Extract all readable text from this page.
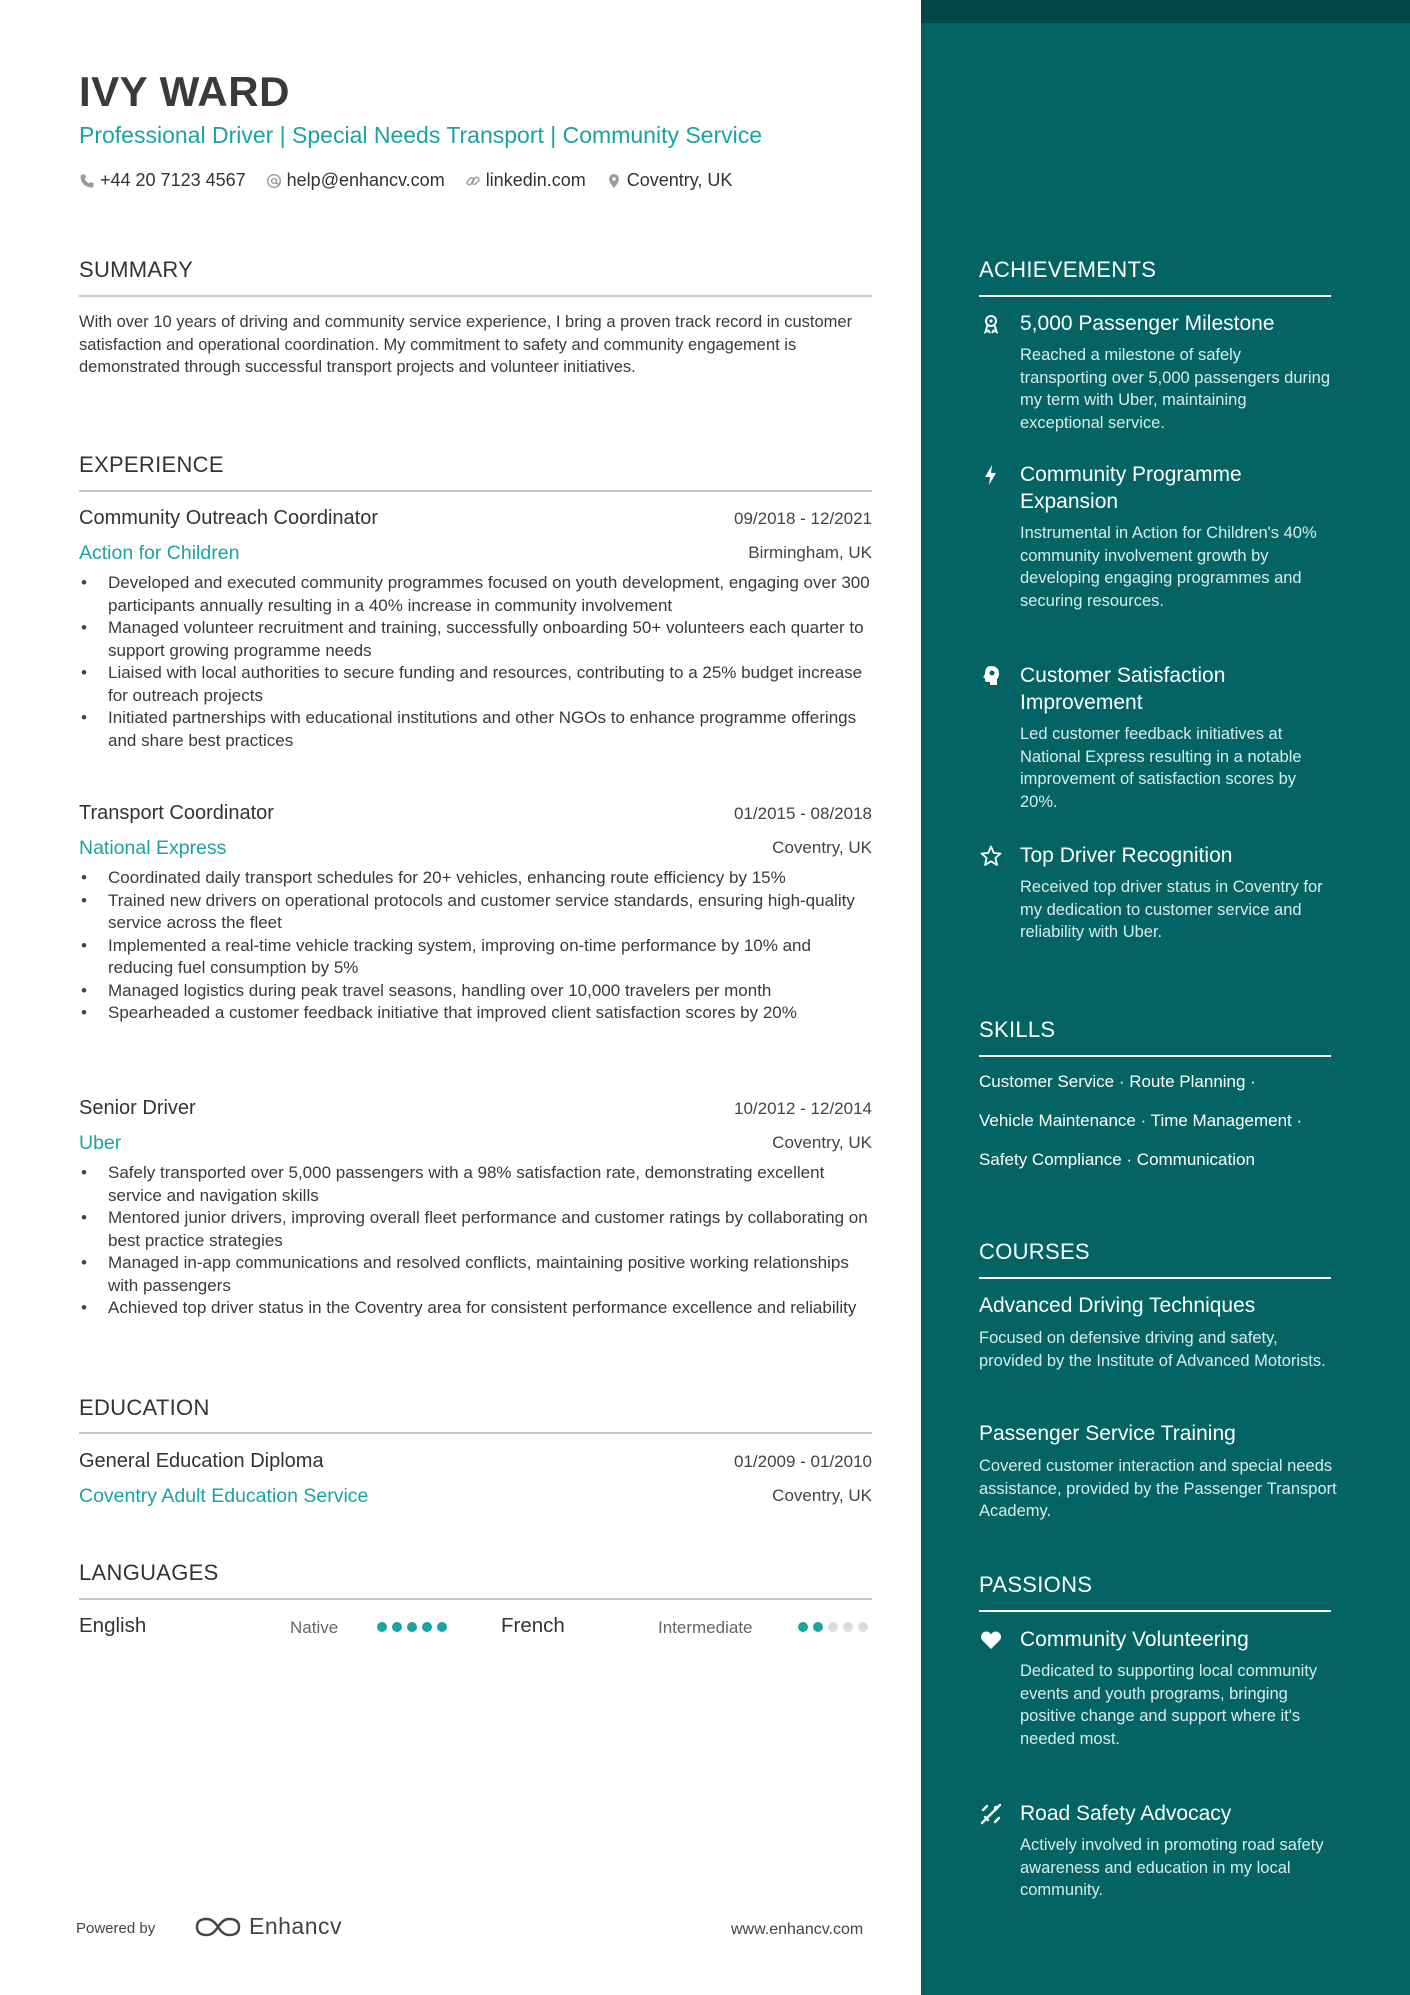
IVY WARD
Professional Driver | Special Needs Transport | Community Service
+44 20 7123 4567 help@enhancv.com linkedin.com Coventry, UK
SUMMARY
With over 10 years of driving and community service experience, I bring a proven track record in customer satisfaction and operational coordination. My commitment to safety and community engagement is demonstrated through successful transport projects and volunteer initiatives.
EXPERIENCE
Community Outreach Coordinator	09/2018 - 12/2021
Action for Children	Birmingham, UK
• Developed and executed community programmes focused on youth development, engaging over 300 participants annually resulting in a 40% increase in community involvement
• Managed volunteer recruitment and training, successfully onboarding 50+ volunteers each quarter to support growing programme needs
• Liaised with local authorities to secure funding and resources, contributing to a 25% budget increase for outreach projects
• Initiated partnerships with educational institutions and other NGOs to enhance programme offerings and share best practices
Transport Coordinator	01/2015 - 08/2018
National Express	Coventry, UK
• Coordinated daily transport schedules for 20+ vehicles, enhancing route efficiency by 15%
• Trained new drivers on operational protocols and customer service standards, ensuring high-quality service across the fleet
• Implemented a real-time vehicle tracking system, improving on-time performance by 10% and reducing fuel consumption by 5%
• Managed logistics during peak travel seasons, handling over 10,000 travelers per month
• Spearheaded a customer feedback initiative that improved client satisfaction scores by 20%
Senior Driver	10/2012 - 12/2014
Uber	Coventry, UK
• Safely transported over 5,000 passengers with a 98% satisfaction rate, demonstrating excellent service and navigation skills
• Mentored junior drivers, improving overall fleet performance and customer ratings by collaborating on best practice strategies
• Managed in-app communications and resolved conflicts, maintaining positive working relationships with passengers
• Achieved top driver status in the Coventry area for consistent performance excellence and reliability
EDUCATION
General Education Diploma	01/2009 - 01/2010
Coventry Adult Education Service	Coventry, UK
LANGUAGES
English	Native	French	Intermediate
Powered by	Enhancv	www.enhancv.com
ACHIEVEMENTS
5,000 Passenger Milestone
Reached a milestone of safely transporting over 5,000 passengers during my term with Uber, maintaining exceptional service.
Community Programme Expansion
Instrumental in Action for Children's 40% community involvement growth by developing engaging programmes and securing resources.
Customer Satisfaction Improvement
Led customer feedback initiatives at National Express resulting in a notable improvement of satisfaction scores by 20%.
Top Driver Recognition
Received top driver status in Coventry for my dedication to customer service and reliability with Uber.
SKILLS
Customer Service · Route Planning ·
Vehicle Maintenance · Time Management ·
Safety Compliance · Communication
COURSES
Advanced Driving Techniques
Focused on defensive driving and safety, provided by the Institute of Advanced Motorists.
Passenger Service Training
Covered customer interaction and special needs assistance, provided by the Passenger Transport Academy.
PASSIONS
Community Volunteering
Dedicated to supporting local community events and youth programs, bringing positive change and support where it's needed most.
Road Safety Advocacy
Actively involved in promoting road safety awareness and education in my local community.
